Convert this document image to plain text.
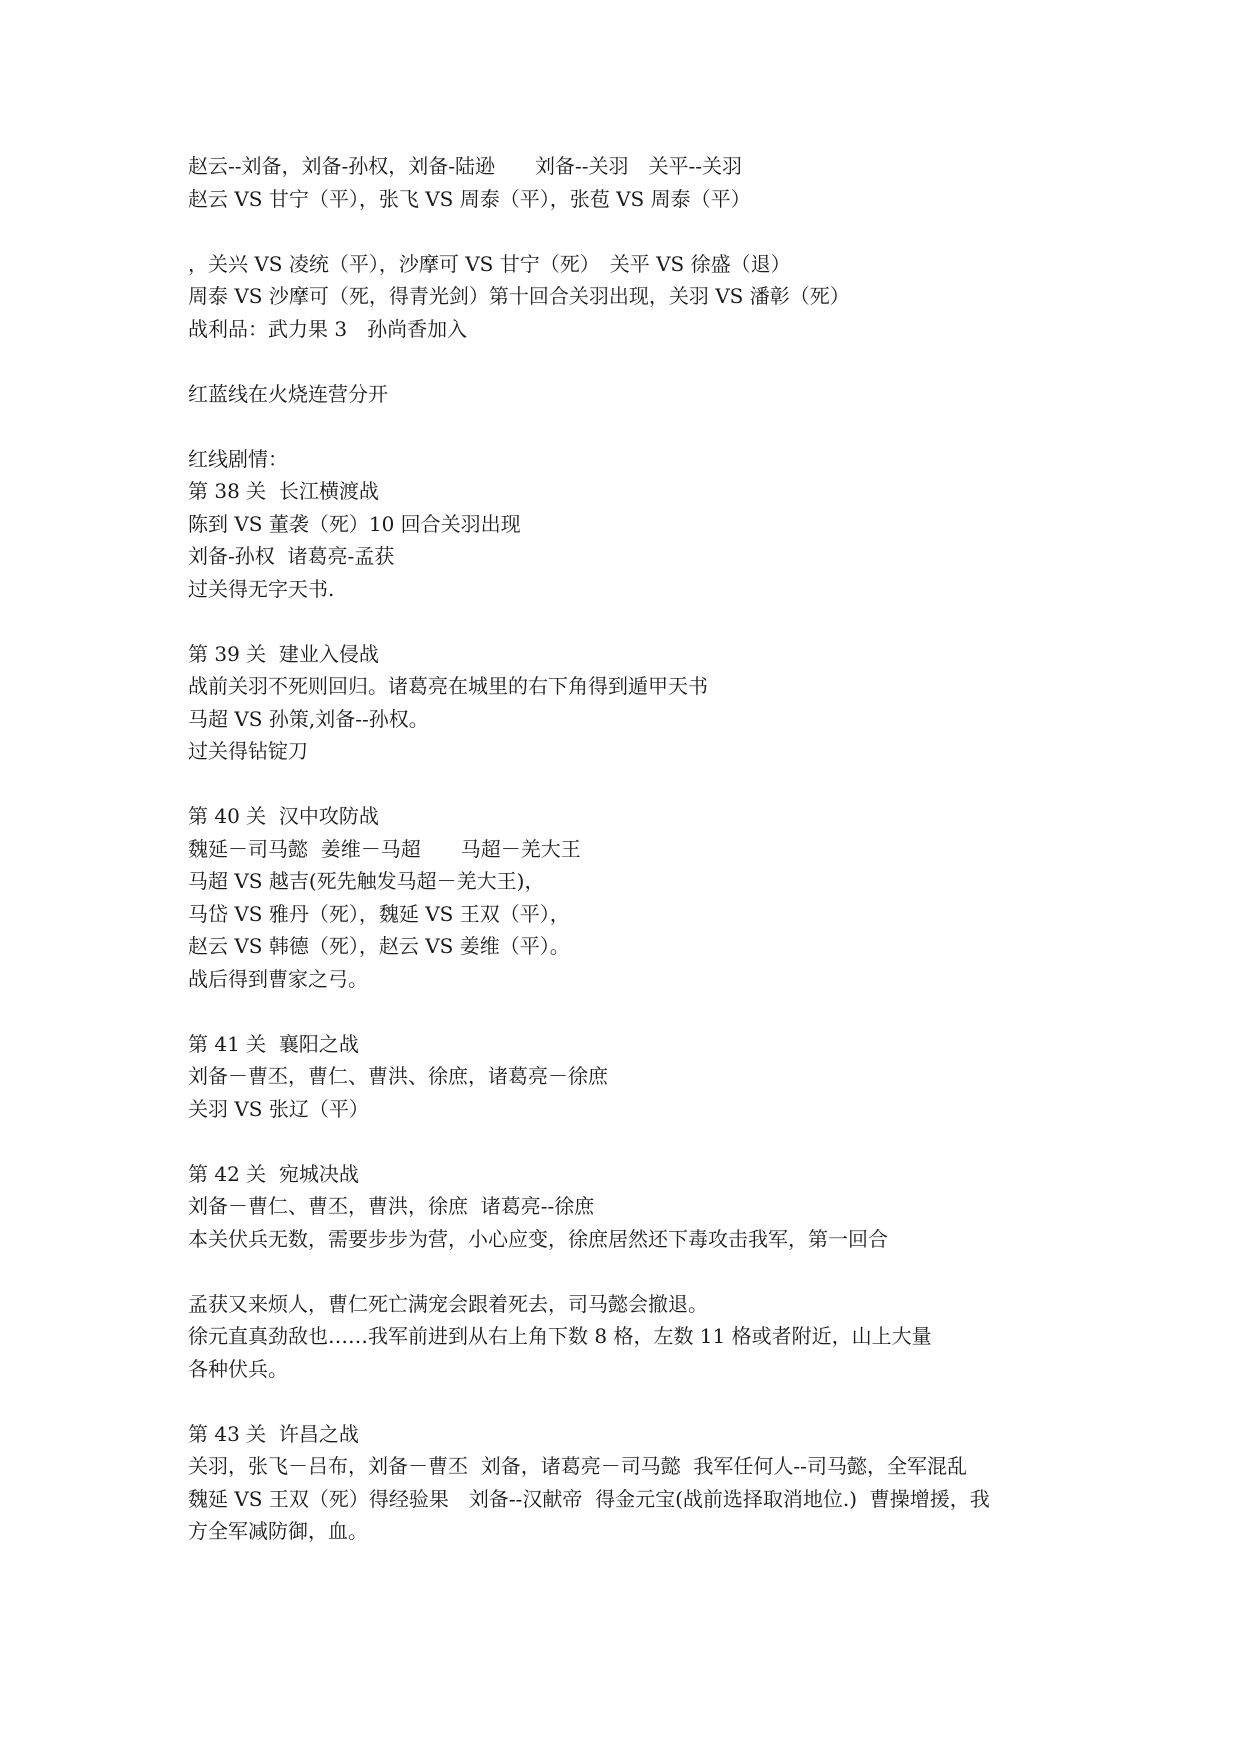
赵云--刘备，刘备-孙权，刘备-陆逊　　刘备--关羽　关平--关羽
赵云 VS 甘宁（平），张飞 VS 周泰（平），张苞 VS 周泰（平）
，关兴 VS 凌统（平），沙摩可 VS 甘宁（死）　关平 VS 徐盛（退）
周泰 VS 沙摩可（死，得青光剑）第十回合关羽出现，关羽 VS 潘彰（死）
战利品：武力果 3　孙尚香加入
红蓝线在火烧连营分开
红线剧情：
第 38 关  长江横渡战
陈到 VS 董袭（死）10 回合关羽出现
刘备-孙权  诸葛亮-孟获
过关得无字天书.
第 39 关  建业入侵战
战前关羽不死则回归。诸葛亮在城里的右下角得到遁甲天书
马超 VS 孙策,刘备--孙权。
过关得钻锭刀
第 40 关  汉中攻防战
魏延－司马懿  姜维－马超　　马超－羌大王
马超 VS 越吉(死先触发马超－羌大王)，
马岱 VS 雅丹（死），魏延 VS 王双（平），
赵云 VS 韩德（死），赵云 VS 姜维（平）。
战后得到曹家之弓。
第 41 关  襄阳之战
刘备－曹丕，曹仁、曹洪、徐庶，诸葛亮－徐庶
关羽 VS 张辽（平）
第 42 关  宛城决战
刘备－曹仁、曹丕，曹洪，徐庶  诸葛亮--徐庶
本关伏兵无数，需要步步为营，小心应变，徐庶居然还下毒攻击我军，第一回合
孟获又来烦人，曹仁死亡满宠会跟着死去，司马懿会撤退。
徐元直真劲敌也……我军前进到从右上角下数 8 格，左数 11 格或者附近，山上大量
各种伏兵。
第 43 关  许昌之战
关羽，张飞－吕布，刘备－曹丕  刘备，诸葛亮－司马懿  我军任何人--司马懿，全军混乱
魏延 VS 王双（死）得经验果　刘备--汉献帝  得金元宝(战前选择取消地位.)  曹操增援，我
方全军减防御，血。
